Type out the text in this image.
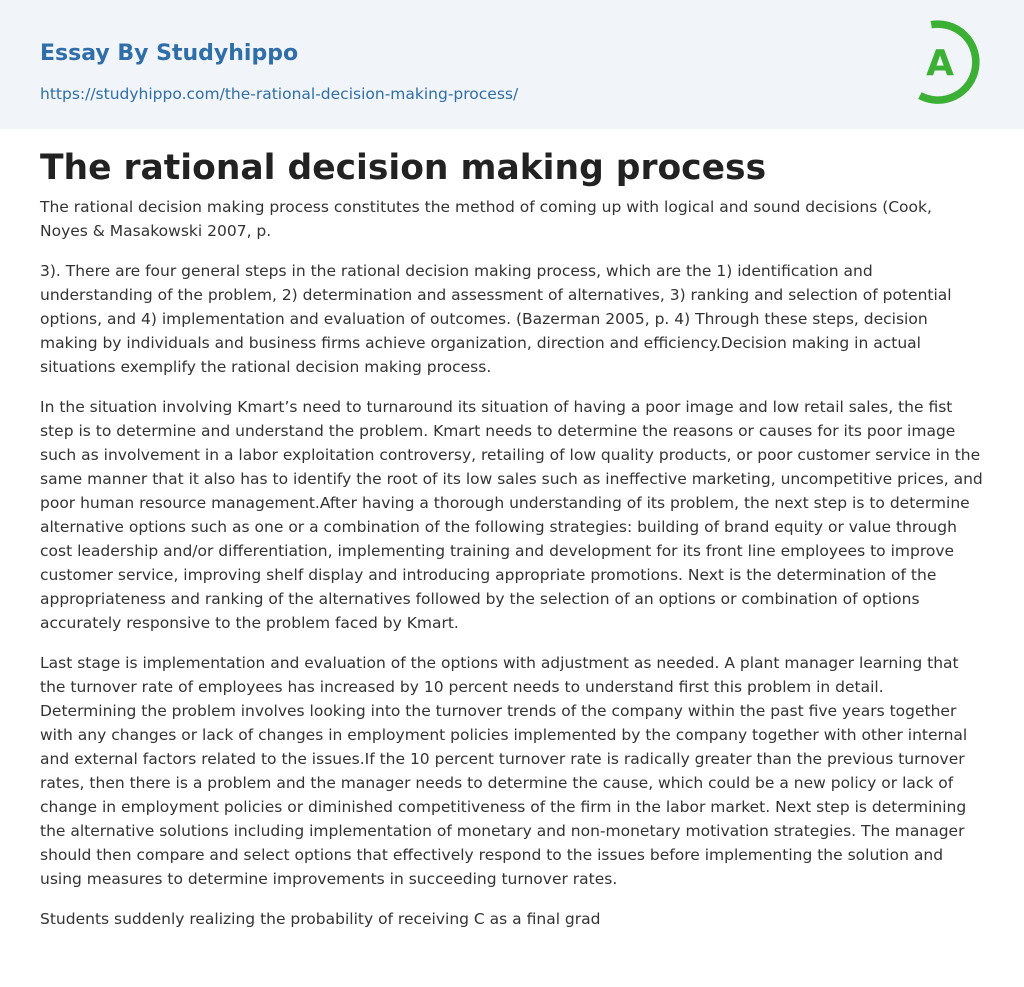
Essay By Studyhippo
https://studyhippo.com/the-rational-decision-making-process/
A
The rational decision making process

The rational decision making process constitutes the method of coming up with logical and sound decisions (Cook, Noyes & Masakowski 2007, p.

3). There are four general steps in the rational decision making process, which are the 1) identification and understanding of the problem, 2) determination and assessment of alternatives, 3) ranking and selection of potential options, and 4) implementation and evaluation of outcomes. (Bazerman 2005, p. 4) Through these steps, decision making by individuals and business firms achieve organization, direction and efficiency.Decision making in actual situations exemplify the rational decision making process.

In the situation involving Kmart’s need to turnaround its situation of having a poor image and low retail sales, the fist step is to determine and understand the problem. Kmart needs to determine the reasons or causes for its poor image such as involvement in a labor exploitation controversy, retailing of low quality products, or poor customer service in the same manner that it also has to identify the root of its low sales such as ineffective marketing, uncompetitive prices, and poor human resource management.After having a thorough understanding of its problem, the next step is to determine alternative options such as one or a combination of the following strategies: building of brand equity or value through cost leadership and/or differentiation, implementing training and development for its front line employees to improve customer service, improving shelf display and introducing appropriate promotions. Next is the determination of the appropriateness and ranking of the alternatives followed by the selection of an options or combination of options accurately responsive to the problem faced by Kmart.

Last stage is implementation and evaluation of the options with adjustment as needed. A plant manager learning that the turnover rate of employees has increased by 10 percent needs to understand first this problem in detail. Determining the problem involves looking into the turnover trends of the company within the past five years together with any changes or lack of changes in employment policies implemented by the company together with other internal and external factors related to the issues.If the 10 percent turnover rate is radically greater than the previous turnover rates, then there is a problem and the manager needs to determine the cause, which could be a new policy or lack of change in employment policies or diminished competitiveness of the firm in the labor market. Next step is determining the alternative solutions including implementation of monetary and non-monetary motivation strategies. The manager should then compare and select options that effectively respond to the issues before implementing the solution and using measures to determine improvements in succeeding turnover rates.

Students suddenly realizing the probability of receiving C as a final grad
